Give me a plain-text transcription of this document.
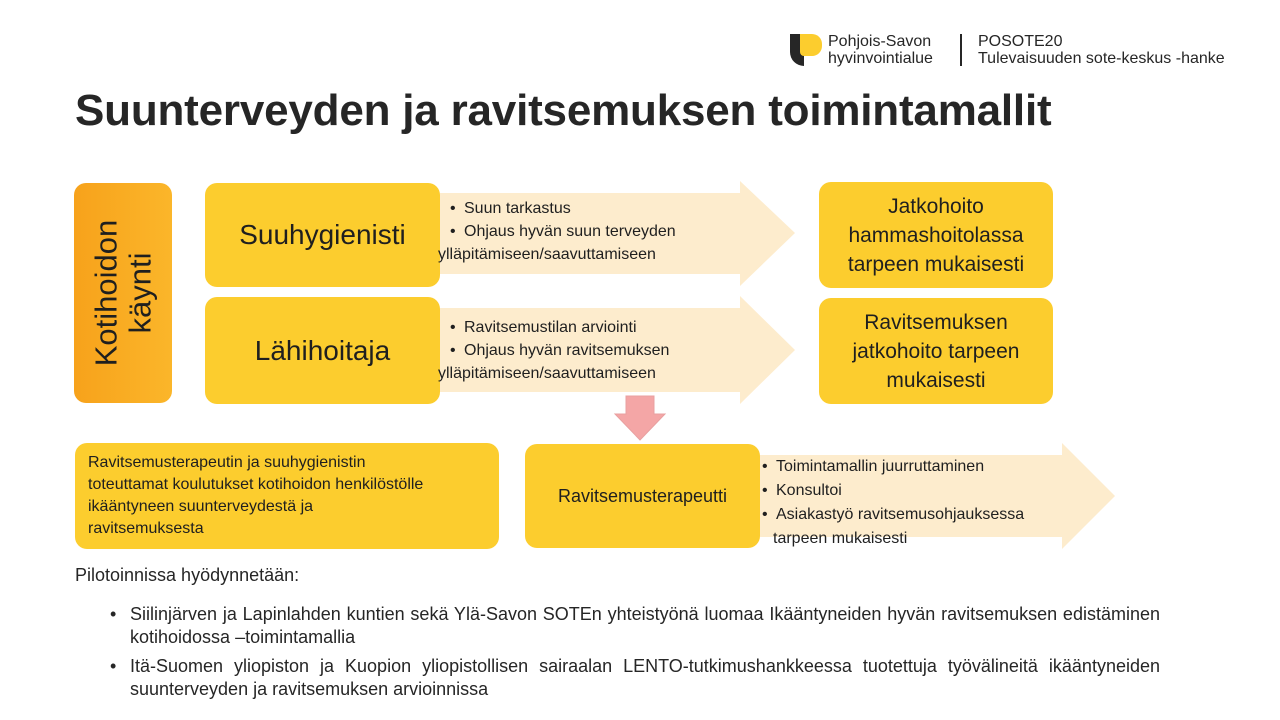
Pohjois-Savon
hyvinvointialue
POSOTE20
Tulevaisuuden sote-keskus -hanke
Suunterveyden ja ravitsemuksen toimintamallit
Kotihoidon käynti
Suuhygienisti
• Suun tarkastus
• Ohjaus hyvän suun terveyden
ylläpitämiseen/saavuttamiseen
Jatkohoito
hammashoitolassa
tarpeen mukaisesti
Lähihoitaja
• Ravitsemustilan arviointi
• Ohjaus hyvän ravitsemuksen
ylläpitämiseen/saavuttamiseen
Ravitsemuksen
jatkohoito tarpeen
mukaisesti
Ravitsemusterapeutin ja suuhygienistin
toteuttamat koulutukset kotihoidon henkilöstölle
ikääntyneen suunterveydestä ja
ravitsemuksesta
Ravitsemusterapeutti
• Toimintamallin juurruttaminen
• Konsultoi
• Asiakastyö ravitsemusohjauksessa
tarpeen mukaisesti
Pilotoinnissa hyödynnetään:
• Siilinjärven ja Lapinlahden kuntien sekä Ylä-Savon SOTEn yhteistyönä luomaa Ikääntyneiden hyvän ravitsemuksen edistäminen kotihoidossa –toimintamallia
• Itä-Suomen yliopiston ja Kuopion yliopistollisen sairaalan LENTO-tutkimushankkeessa tuotettuja työvälineitä ikääntyneiden suunterveyden ja ravitsemuksen arvioinnissa
